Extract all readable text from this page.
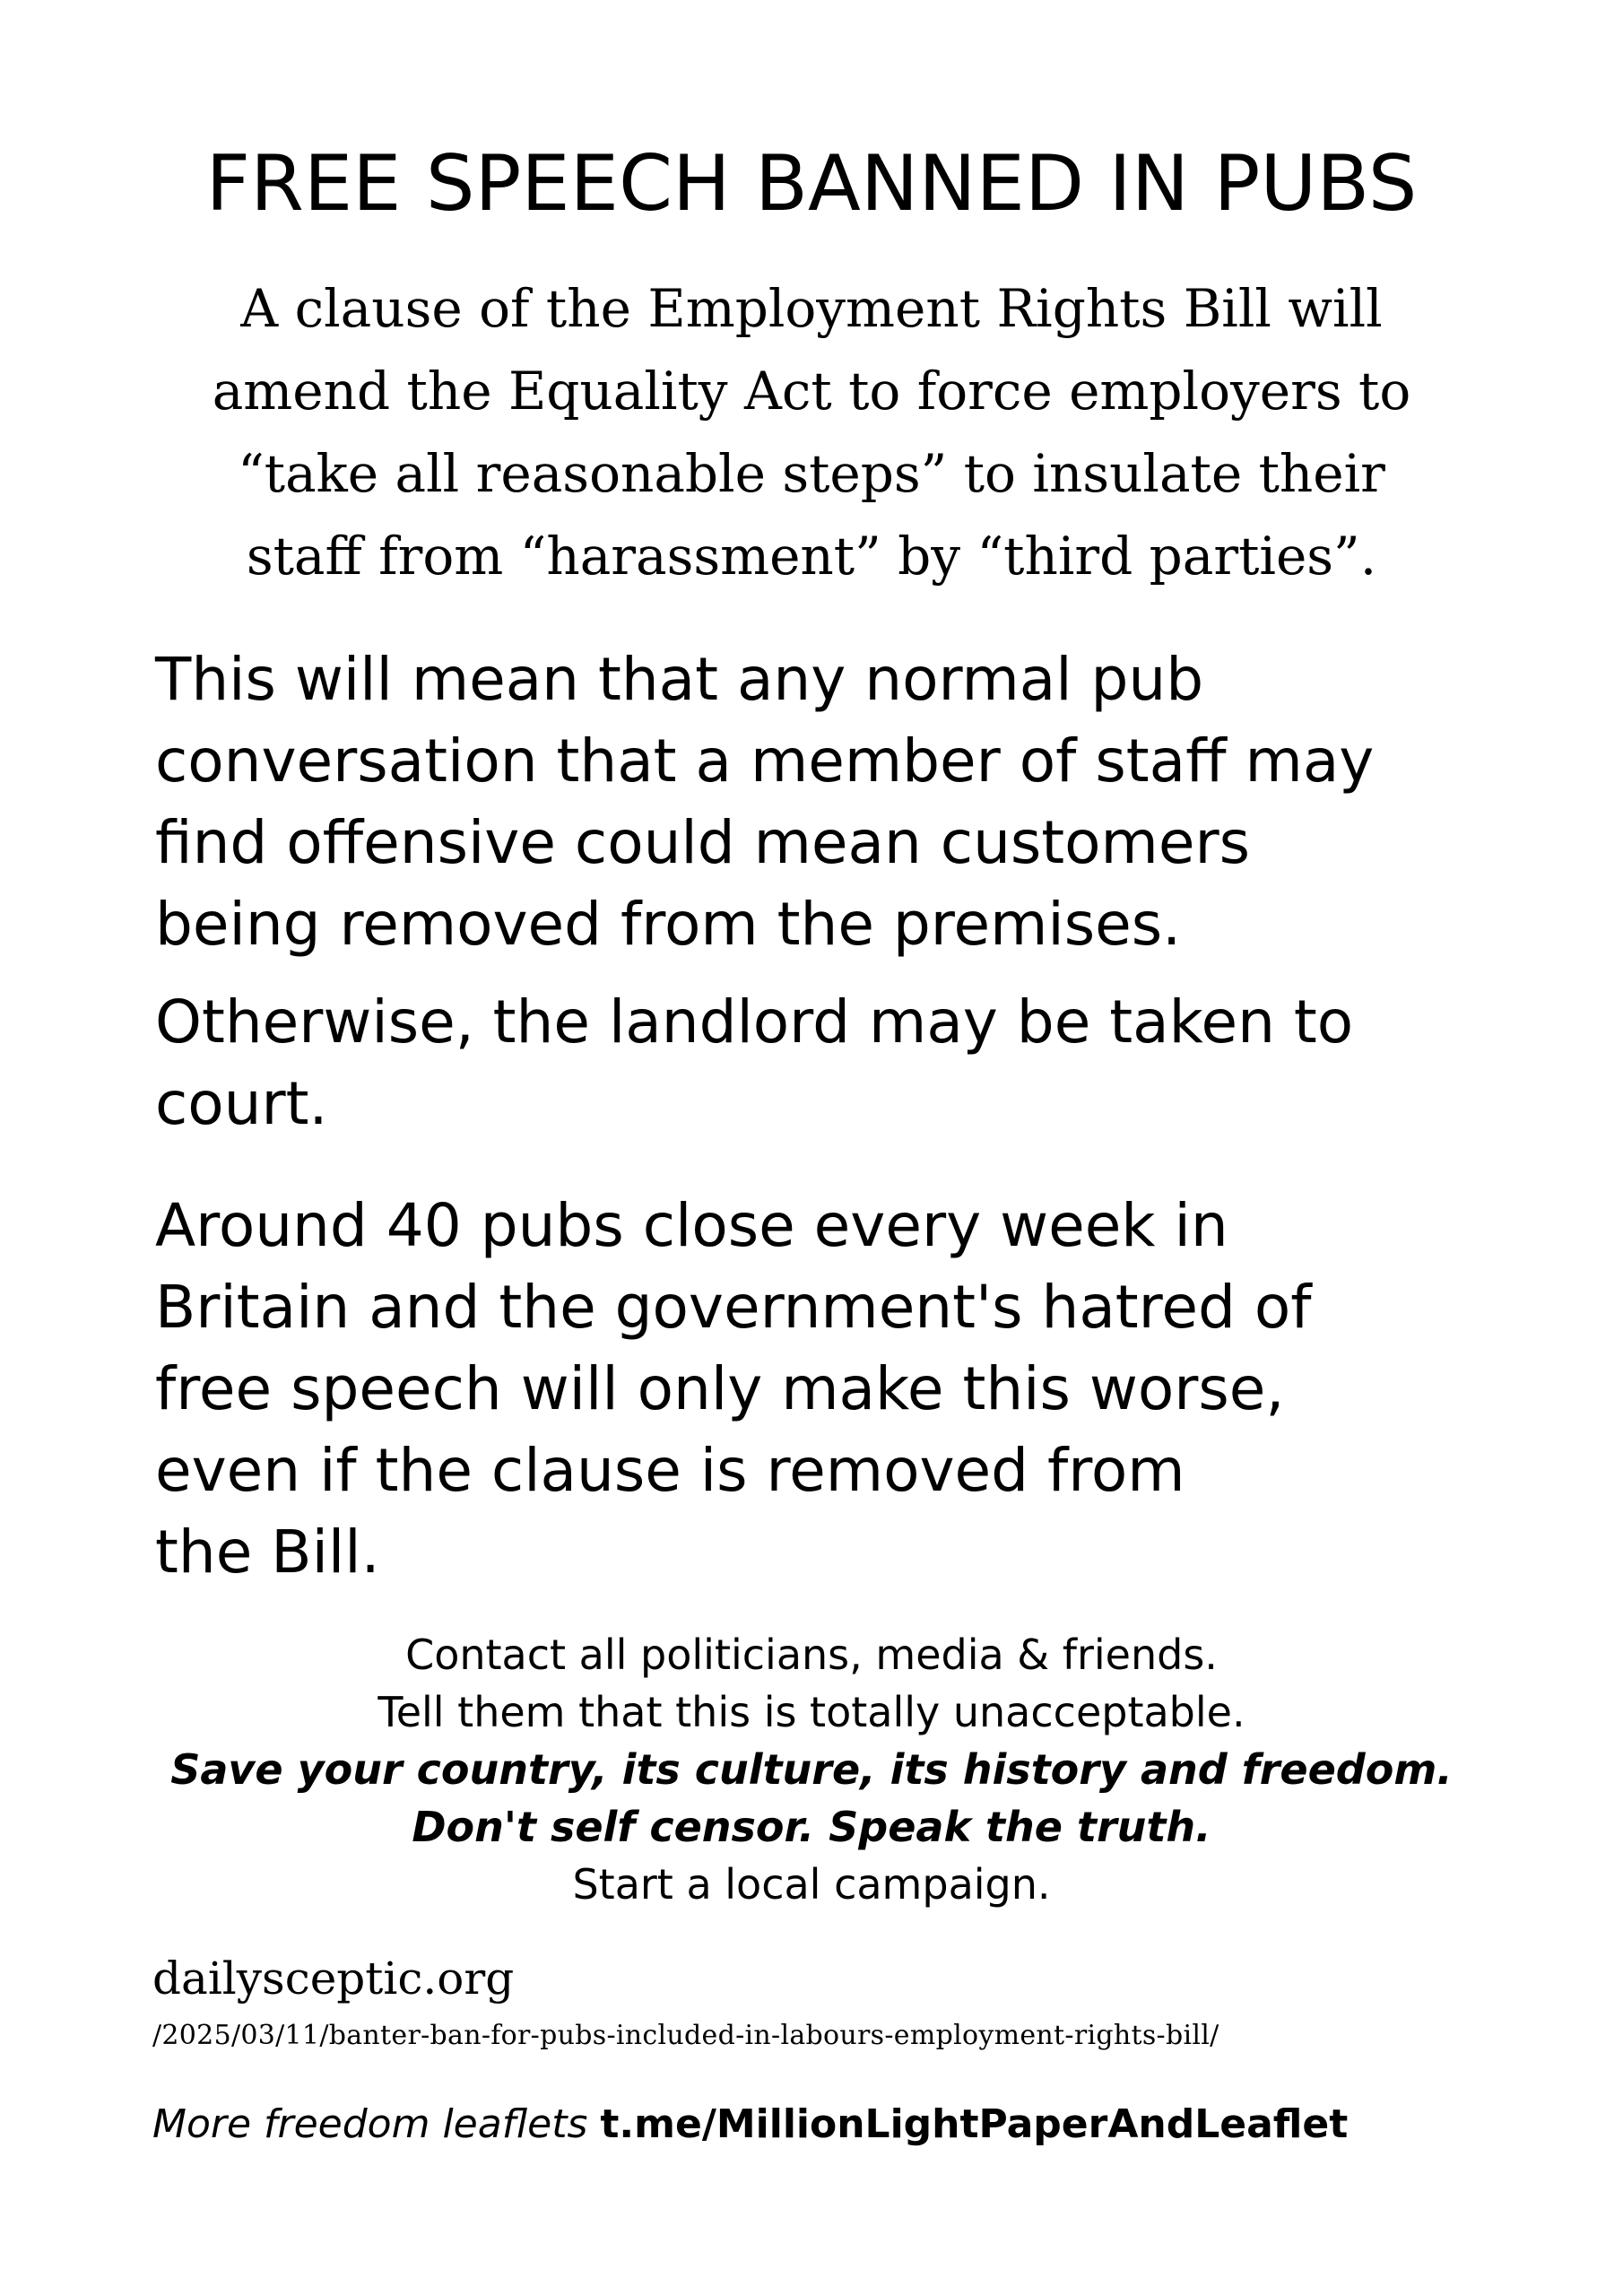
FREE SPEECH BANNED IN PUBS
A clause of the Employment Rights Bill will
amend the Equality Act to force employers to
“take all reasonable steps” to insulate their
staff from “harassment” by “third parties”.
This will mean that any normal pub
conversation that a member of staff may
find offensive could mean customers
being removed from the premises.
Otherwise, the landlord may be taken to
court.
Around 40 pubs close every week in
Britain and the government's hatred of
free speech will only make this worse,
even if the clause is removed from
the Bill.
Contact all politicians, media & friends.
Tell them that this is totally unacceptable.
Save your country, its culture, its history and freedom.
Don't self censor. Speak the truth.
Start a local campaign.
dailysceptic.org
/2025/03/11/banter-ban-for-pubs-included-in-labours-employment-rights-bill/
More freedom leaflets t.me/MillionLightPaperAndLeaflet
